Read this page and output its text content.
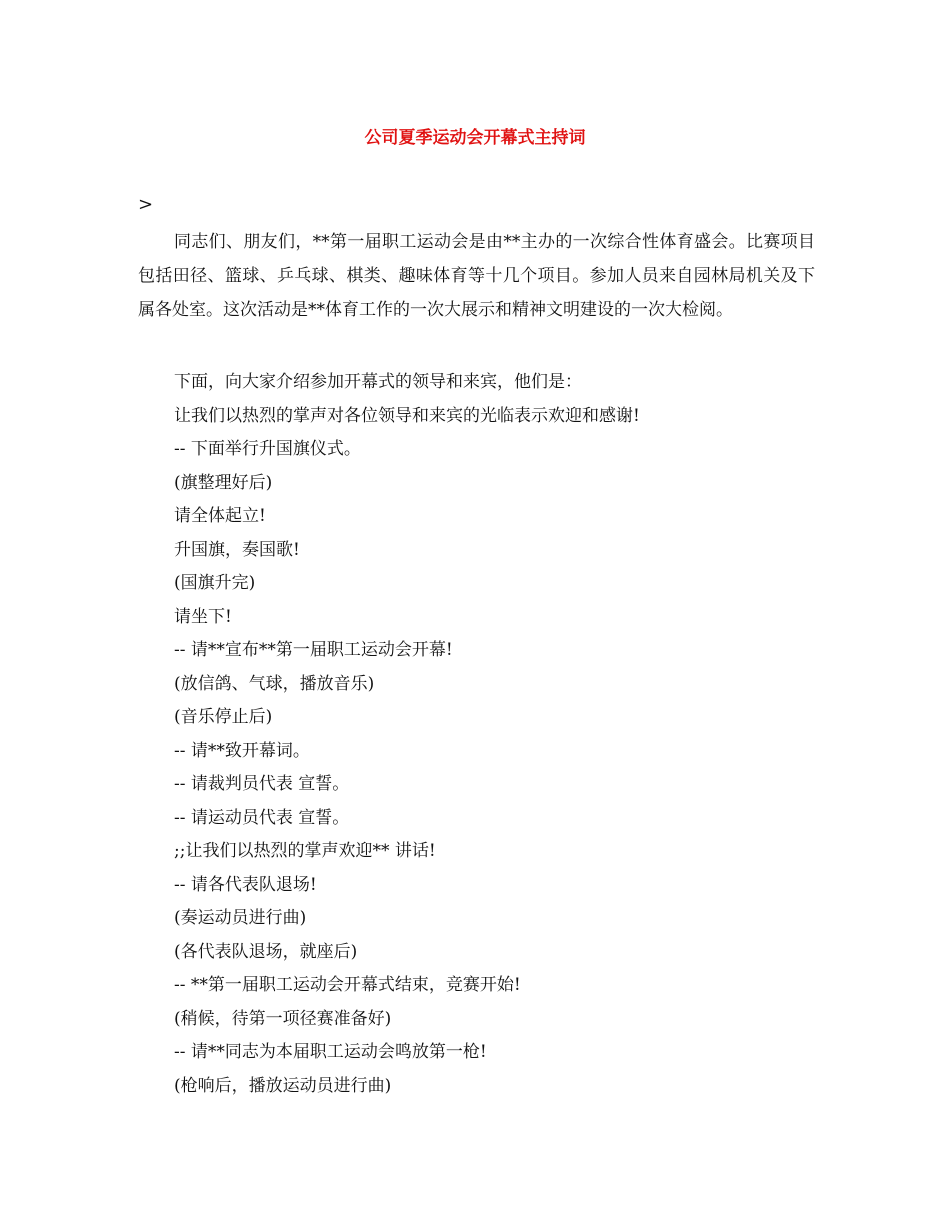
公司夏季运动会开幕式主持词
>

同志们、朋友们，**第一届职工运动会是由**主办的一次综合性体育盛会。比赛项目包括田径、篮球、乒乓球、棋类、趣味体育等十几个项目。参加人员来自园林局机关及下属各处室。这次活动是**体育工作的一次大展示和精神文明建设的一次大检阅。

下面，向大家介绍参加开幕式的领导和来宾，他们是：
让我们以热烈的掌声对各位领导和来宾的光临表示欢迎和感谢!
-- 下面举行升国旗仪式。
(旗整理好后)
请全体起立!
升国旗，奏国歌!
(国旗升完)
请坐下!
-- 请**宣布**第一届职工运动会开幕!
(放信鸽、气球，播放音乐)
(音乐停止后)
-- 请**致开幕词。
-- 请裁判员代表 宣誓。
-- 请运动员代表 宣誓。
;;让我们以热烈的掌声欢迎** 讲话!
-- 请各代表队退场!
(奏运动员进行曲)
(各代表队退场，就座后)
-- **第一届职工运动会开幕式结束，竞赛开始!
(稍候，待第一项径赛准备好)
-- 请**同志为本届职工运动会鸣放第一枪!
(枪响后，播放运动员进行曲)
